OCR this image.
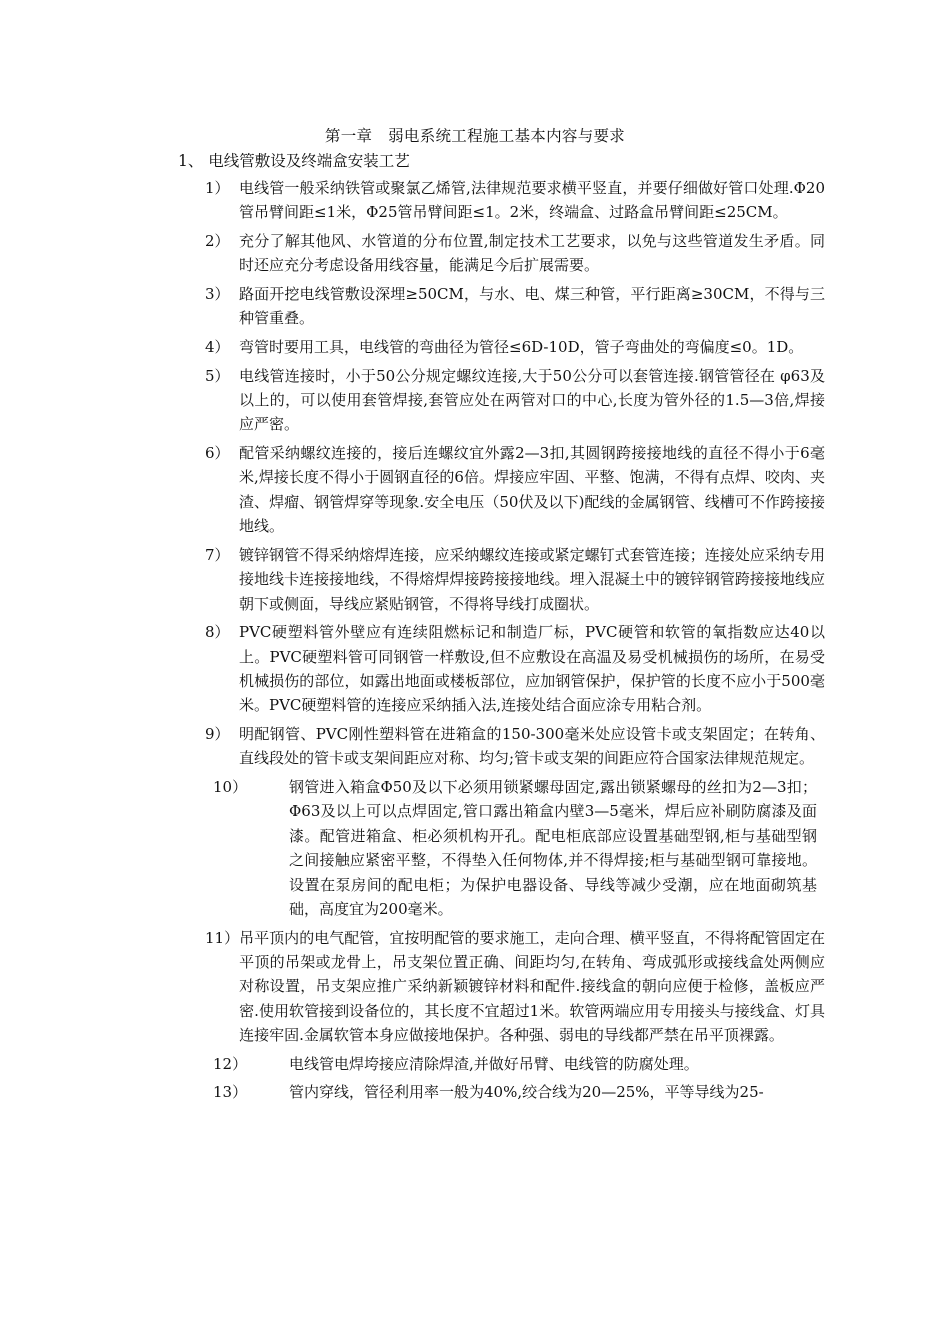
第一章　弱电系统工程施工基本内容与要求
1、 电线管敷设及终端盒安装工艺
1） 电线管一般采纳铁管或聚氯乙烯管,法律规范要求横平竖直，并要仔细做好管口处理.Φ20管吊臂间距≤1米，Φ25管吊臂间距≤1。2米，终端盒、过路盒吊臂间距≤25CM。
2） 充分了解其他风、水管道的分布位置,制定技术工艺要求，以免与这些管道发生矛盾。同时还应充分考虑设备用线容量，能满足今后扩展需要。
3） 路面开挖电线管敷设深埋≥50CM，与水、电、煤三种管，平行距离≥30CM，不得与三种管重叠。
4） 弯管时要用工具，电线管的弯曲径为管径≤6D-10D，管子弯曲处的弯偏度≤0。1D。
5） 电线管连接时，小于50公分规定螺纹连接,大于50公分可以套管连接.钢管管径在 φ63及以上的，可以使用套管焊接,套管应处在两管对口的中心,长度为管外径的1.5—3倍,焊接应严密。
6） 配管采纳螺纹连接的，接后连螺纹宜外露2—3扣,其圆钢跨接接地线的直径不得小于6毫米,焊接长度不得小于圆钢直径的6倍。焊接应牢固、平整、饱满，不得有点焊、咬肉、夹渣、焊瘤、钢管焊穿等现象.安全电压（50伏及以下)配线的金属钢管、线槽可不作跨接接地线。
7） 镀锌钢管不得采纳熔焊连接，应采纳螺纹连接或紧定螺钉式套管连接；连接处应采纳专用接地线卡连接接地线，不得熔焊焊接跨接接地线。埋入混凝土中的镀锌钢管跨接接地线应朝下或侧面，导线应紧贴钢管，不得将导线打成圈状。
8） PVC硬塑料管外壁应有连续阻燃标记和制造厂标，PVC硬管和软管的氧指数应达40以上。PVC硬塑料管可同钢管一样敷设,但不应敷设在高温及易受机械损伤的场所，在易受机械损伤的部位，如露出地面或楼板部位，应加钢管保护，保护管的长度不应小于500毫米。PVC硬塑料管的连接应采纳插入法,连接处结合面应涂专用粘合剂。
9） 明配钢管、PVC刚性塑料管在进箱盒的150-300毫米处应设管卡或支架固定；在转角、直线段处的管卡或支架间距应对称、均匀;管卡或支架的间距应符合国家法律规范规定。
10）	钢管进入箱盒Φ50及以下必须用锁紧螺母固定,露出锁紧螺母的丝扣为2—3扣；Φ63及以上可以点焊固定,管口露出箱盒内壁3—5毫米，焊后应补刷防腐漆及面漆。配管进箱盒、柜必须机构开孔。配电柜底部应设置基础型钢,柜与基础型钢之间接触应紧密平整，不得垫入任何物体,并不得焊接;柜与基础型钢可靠接地。设置在泵房间的配电柜；为保护电器设备、导线等减少受潮，应在地面砌筑基础，高度宜为200毫米。
11） 吊平顶内的电气配管，宜按明配管的要求施工，走向合理、横平竖直，不得将配管固定在平顶的吊架或龙骨上，吊支架位置正确、间距均匀,在转角、弯成弧形或接线盒处两侧应对称设置，吊支架应推广采纳新颖镀锌材料和配件.接线盒的朝向应便于检修，盖板应严密.使用软管接到设备位的，其长度不宜超过1米。软管两端应用专用接头与接线盒、灯具连接牢固.金属软管本身应做接地保护。各种强、弱电的导线都严禁在吊平顶裸露。
12）	电线管电焊垮接应清除焊渣,并做好吊臂、电线管的防腐处理。
13）	管内穿线，管径利用率一般为40%,绞合线为20—25%，平等导线为25-
